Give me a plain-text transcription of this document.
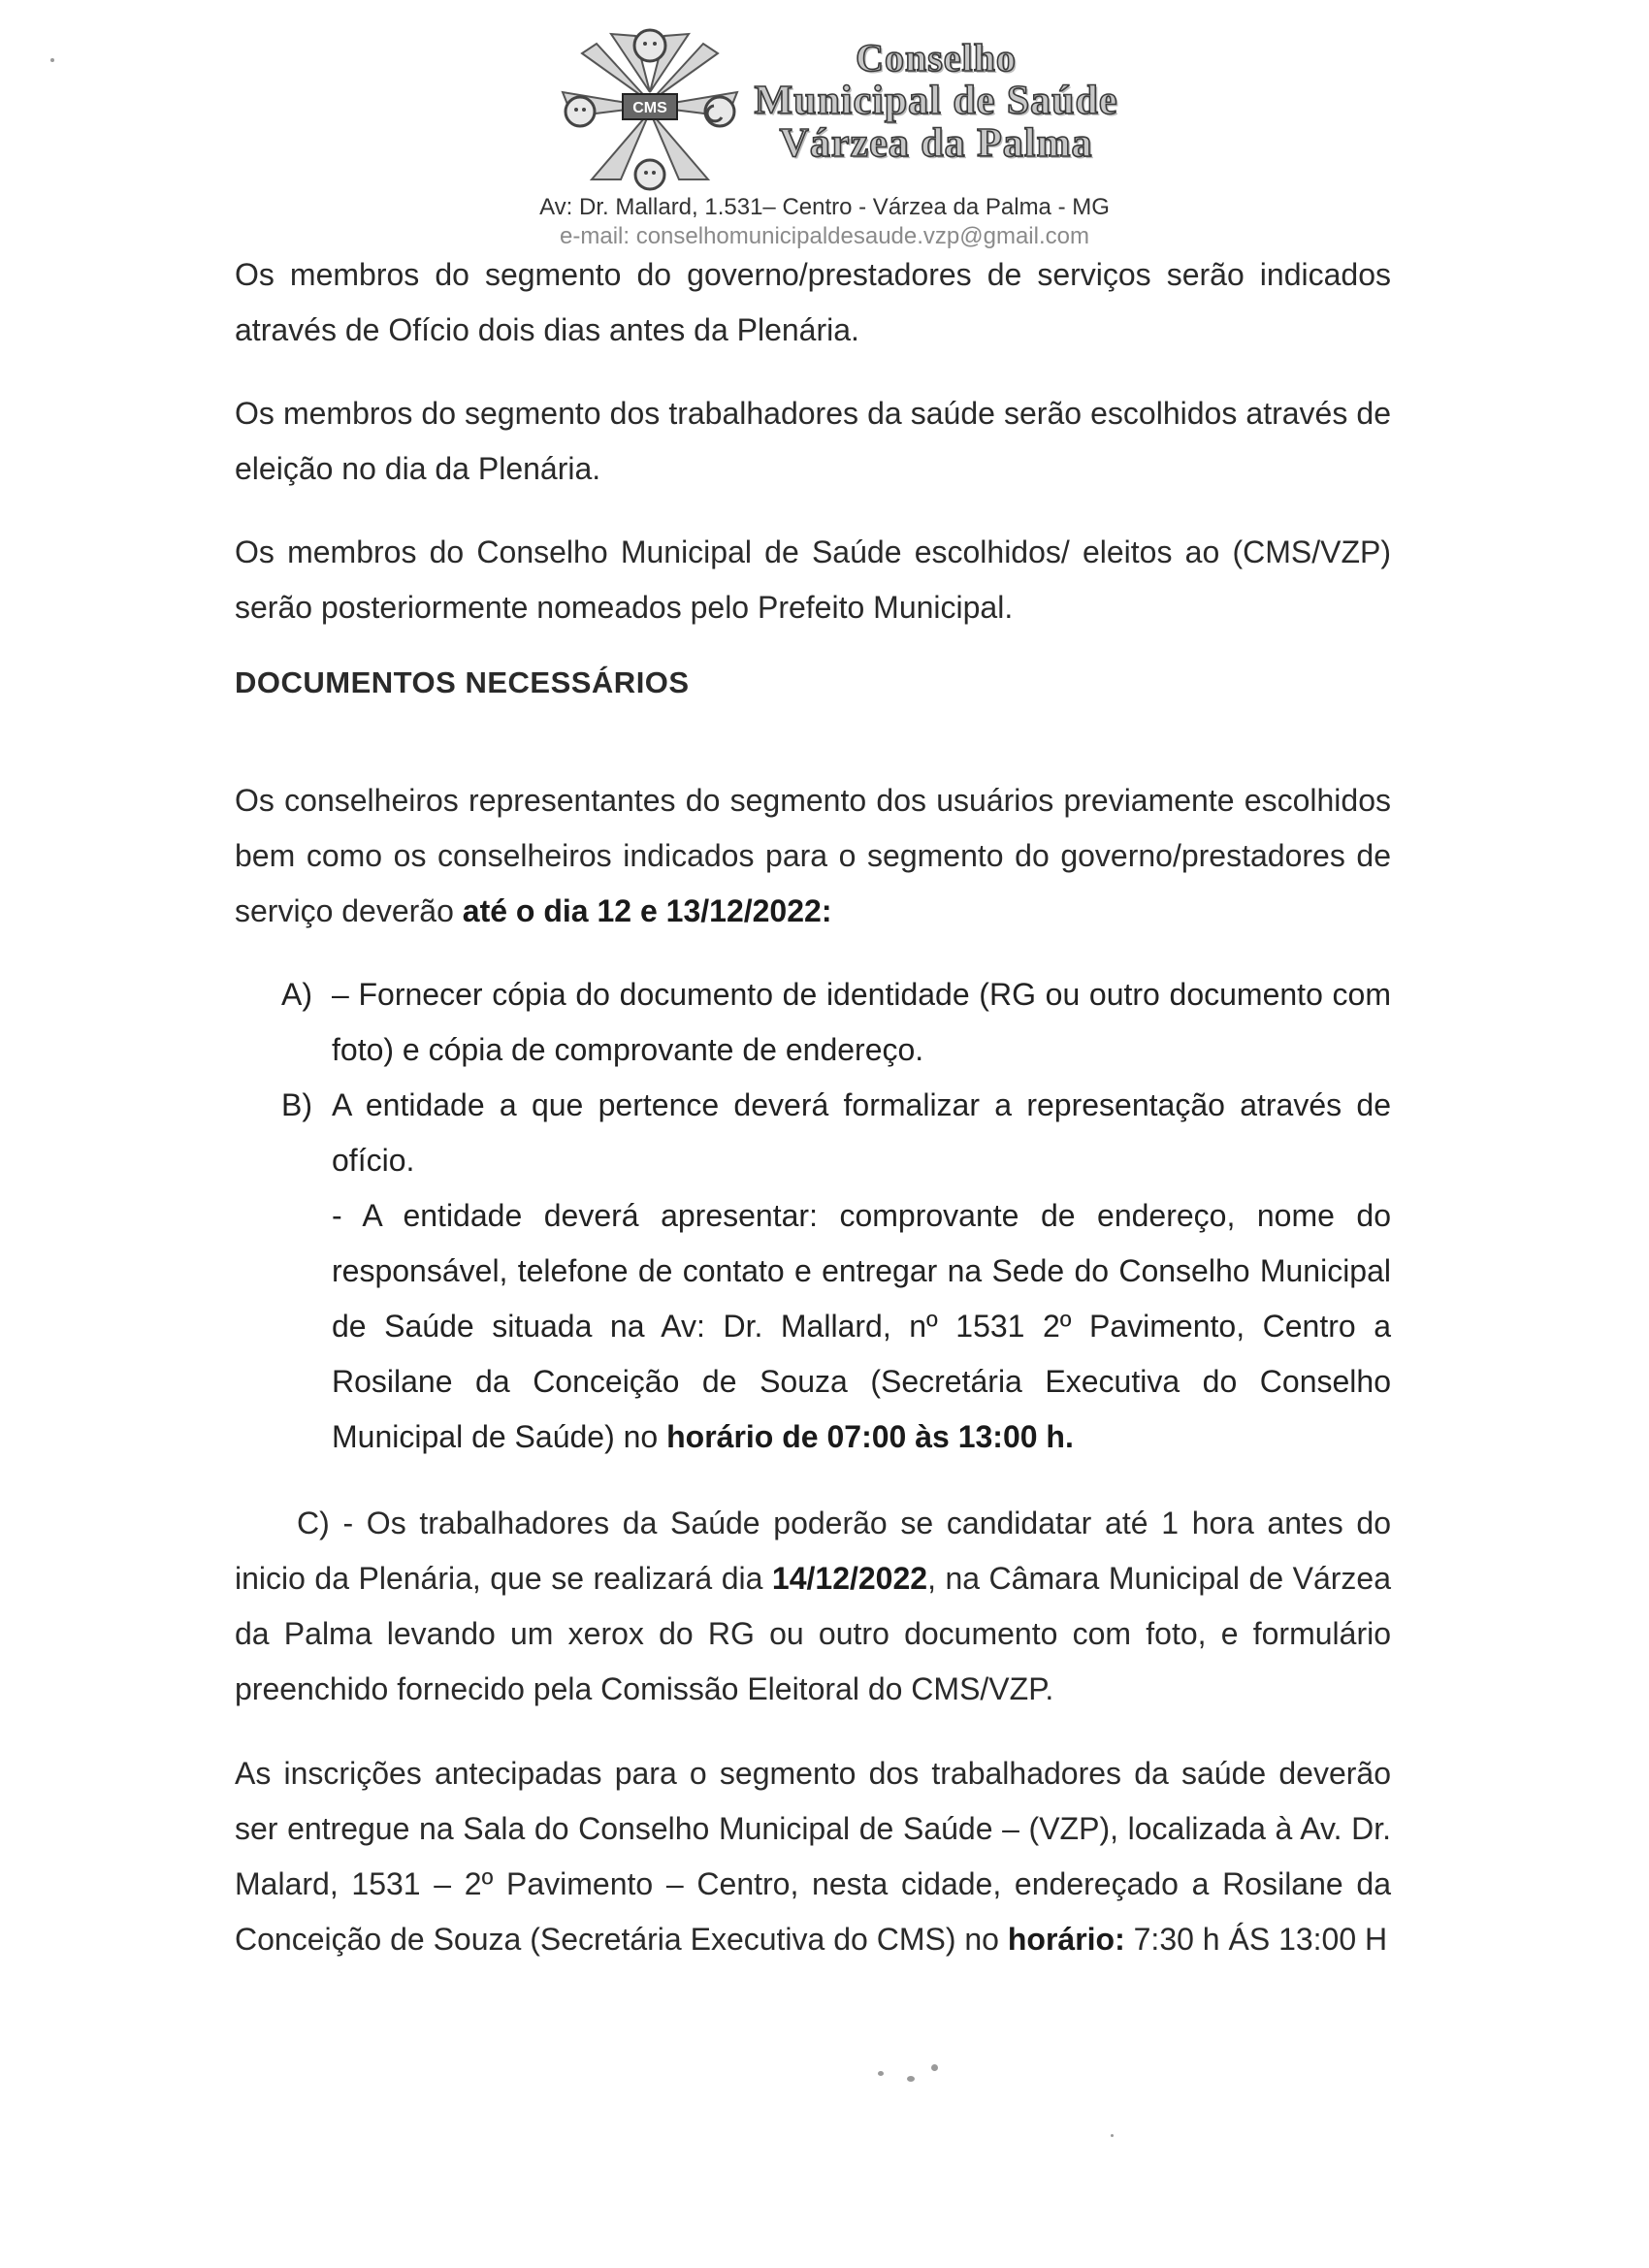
CMS
Conselho
Municipal de Saúde
Várzea da Palma
Av: Dr. Mallard, 1.531– Centro - Várzea da Palma - MG
e-mail: conselhomunicipaldesaude.vzp@gmail.com

Os membros do segmento do governo/prestadores de serviços serão indicados através de Ofício dois dias antes da Plenária.

Os membros do segmento dos trabalhadores da saúde serão escolhidos através de eleição no dia da Plenária.

Os membros do Conselho Municipal de Saúde escolhidos/ eleitos ao (CMS/VZP) serão posteriormente nomeados pelo Prefeito Municipal.

DOCUMENTOS NECESSÁRIOS

Os conselheiros representantes do segmento dos usuários previamente escolhidos bem como os conselheiros indicados para o segmento do governo/prestadores de serviço deverão até o dia 12 e 13/12/2022:

A) – Fornecer cópia do documento de identidade (RG ou outro documento com foto) e cópia de comprovante de endereço.
B) A entidade a que pertence deverá formalizar a representação através de ofício.
- A entidade deverá apresentar: comprovante de endereço, nome do responsável, telefone de contato e entregar na Sede do Conselho Municipal de Saúde situada na Av: Dr. Mallard, nº 1531 2º Pavimento, Centro a Rosilane da Conceição de Souza (Secretária Executiva do Conselho Municipal de Saúde) no horário de 07:00 às 13:00 h.

C) - Os trabalhadores da Saúde poderão se candidatar até 1 hora antes do inicio da Plenária, que se realizará dia 14/12/2022, na Câmara Municipal de Várzea da Palma levando um xerox do RG ou outro documento com foto, e formulário preenchido fornecido pela Comissão Eleitoral do CMS/VZP.

As inscrições antecipadas para o segmento dos trabalhadores da saúde deverão ser entregue na Sala do Conselho Municipal de Saúde – (VZP), localizada à Av. Dr. Malard, 1531 – 2º Pavimento – Centro, nesta cidade, endereçado a Rosilane da Conceição de Souza (Secretária Executiva do CMS) no horário: 7:30 h ÁS 13:00 H
